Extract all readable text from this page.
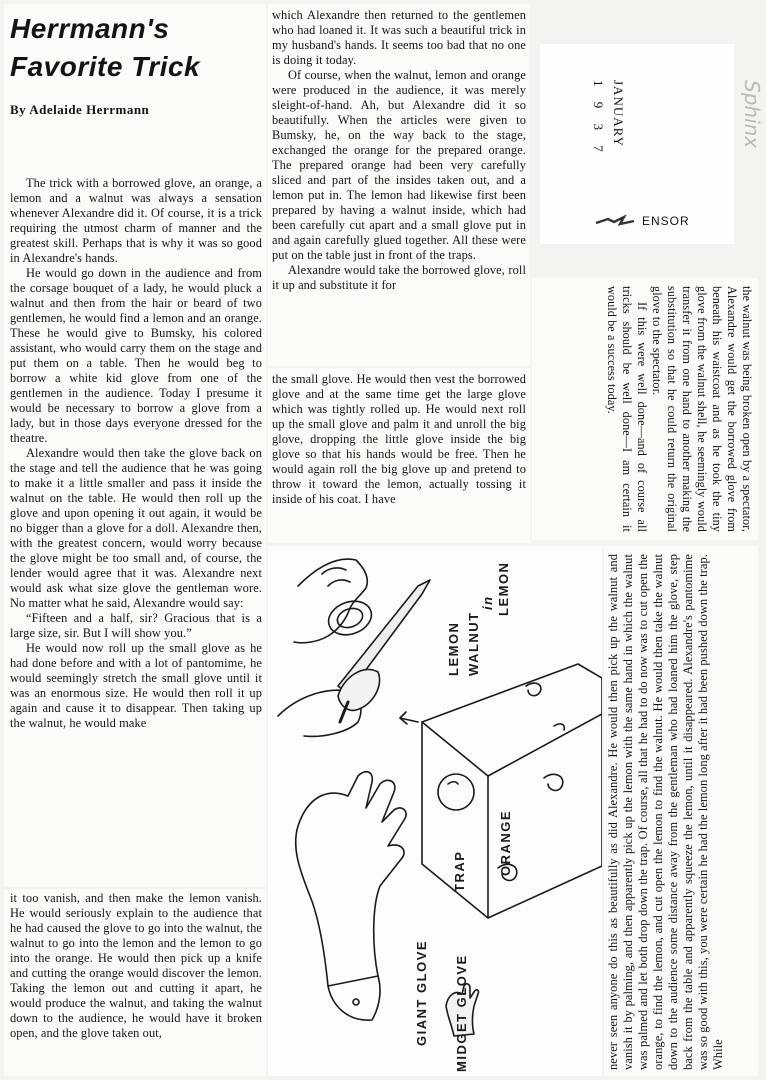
Herrmann's
Favorite Trick
By Adelaide Herrmann

The trick with a borrowed glove, an orange, a lemon and a walnut was always a sensation whenever Alexandre did it. Of course, it is a trick requiring the utmost charm of manner and the greatest skill. Perhaps that is why it was so good in Alexandre's hands.

He would go down in the audience and from the corsage bouquet of a lady, he would pluck a walnut and then from the hair or beard of two gentlemen, he would find a lemon and an orange. These he would give to Bumsky, his colored assistant, who would carry them on the stage and put them on a table. Then he would beg to borrow a white kid glove from one of the gentlemen in the audience. Today I presume it would be necessary to borrow a glove from a lady, but in those days everyone dressed for the theatre.

Alexandre would then take the glove back on the stage and tell the audience that he was going to make it a little smaller and pass it inside the walnut on the table. He would then roll up the glove and upon opening it out again, it would be no bigger than a glove for a doll. Alexandre then, with the greatest concern, would worry because the glove might be too small and, of course, the lender would agree that it was. Alexandre next would ask what size glove the gentleman wore. No matter what he said, Alexandre would say:

“Fifteen and a half, sir? Gracious that is a large size, sir. But I will show you.”

He would now roll up the small glove as he had done before and with a lot of pantomime, he would seemingly stretch the small glove until it was an enormous size. He would then roll it up again and cause it to disappear. Then taking up the walnut, he would make

it too vanish, and then make the lemon vanish. He would seriously explain to the audience that he had caused the glove to go into the walnut, the walnut to go into the lemon and the lemon to go into the orange. He would then pick up a knife and cutting the orange would discover the lemon. Taking the lemon out and cutting it apart, he would produce the walnut, and taking the walnut down to the audience, he would have it broken open, and the glove taken out,

which Alexandre then returned to the gentlemen who had loaned it. It was such a beautiful trick in my husband's hands. It seems too bad that no one is doing it today.

Of course, when the walnut, lemon and orange were produced in the audience, it was merely sleight-of-hand. Ah, but Alexandre did it so beautifully. When the articles were given to Bumsky, he, on the way back to the stage, exchanged the orange for the prepared orange. The prepared orange had been very carefully sliced and part of the insides taken out, and a lemon put in. The lemon had likewise first been prepared by having a walnut inside, which had been carefully cut apart and a small glove put in and again carefully glued together. All these were put on the table just in front of the traps.

Alexandre would take the borrowed glove, roll it up and substitute it for

the small glove. He would then vest the borrowed glove and at the same time get the large glove which was tightly rolled up. He would next roll up the small glove and palm it and unroll the big glove, dropping the little glove inside the big glove so that his hands would be free. Then he would again roll the big glove up and pretend to throw it toward the lemon, actually tossing it inside of his coat. I have

JANUARY
1 9 3 7
ENSOR
Sphinx

the walnut was being broken open by a spectator, Alexandre would get the borrowed glove from beneath his waistcoat and as he took the tiny glove from the walnut shell, he seemingly would transfer it from one hand to another making the substitution so that he could return the original glove to the spectator.

If this were well done—and of course all tricks should be well done—I am certain it would be a success today.

never seen anyone do this as beautifully as did Alexandre. He would then pick up the walnut and vanish it by palming, and then apparently pick up the lemon with the same hand in which the walnut was palmed and let both drop down the trap. Of course, all that he had to do now was to cut open the orange, to find the lemon, and cut open the lemon to find the walnut. He would then take the walnut down to the audience some distance away from the gentleman who had loaned him the glove, step back from the table and apparently squeeze the lemon, until it disappeared. Alexandre's pantomime was so good with this, you were certain he had the lemon long after it had been pushed down the trap. While

LEMON WALNUT
in LEMON
TRAP ORANGE
GIANT GLOVE MIDGET GLOVE
